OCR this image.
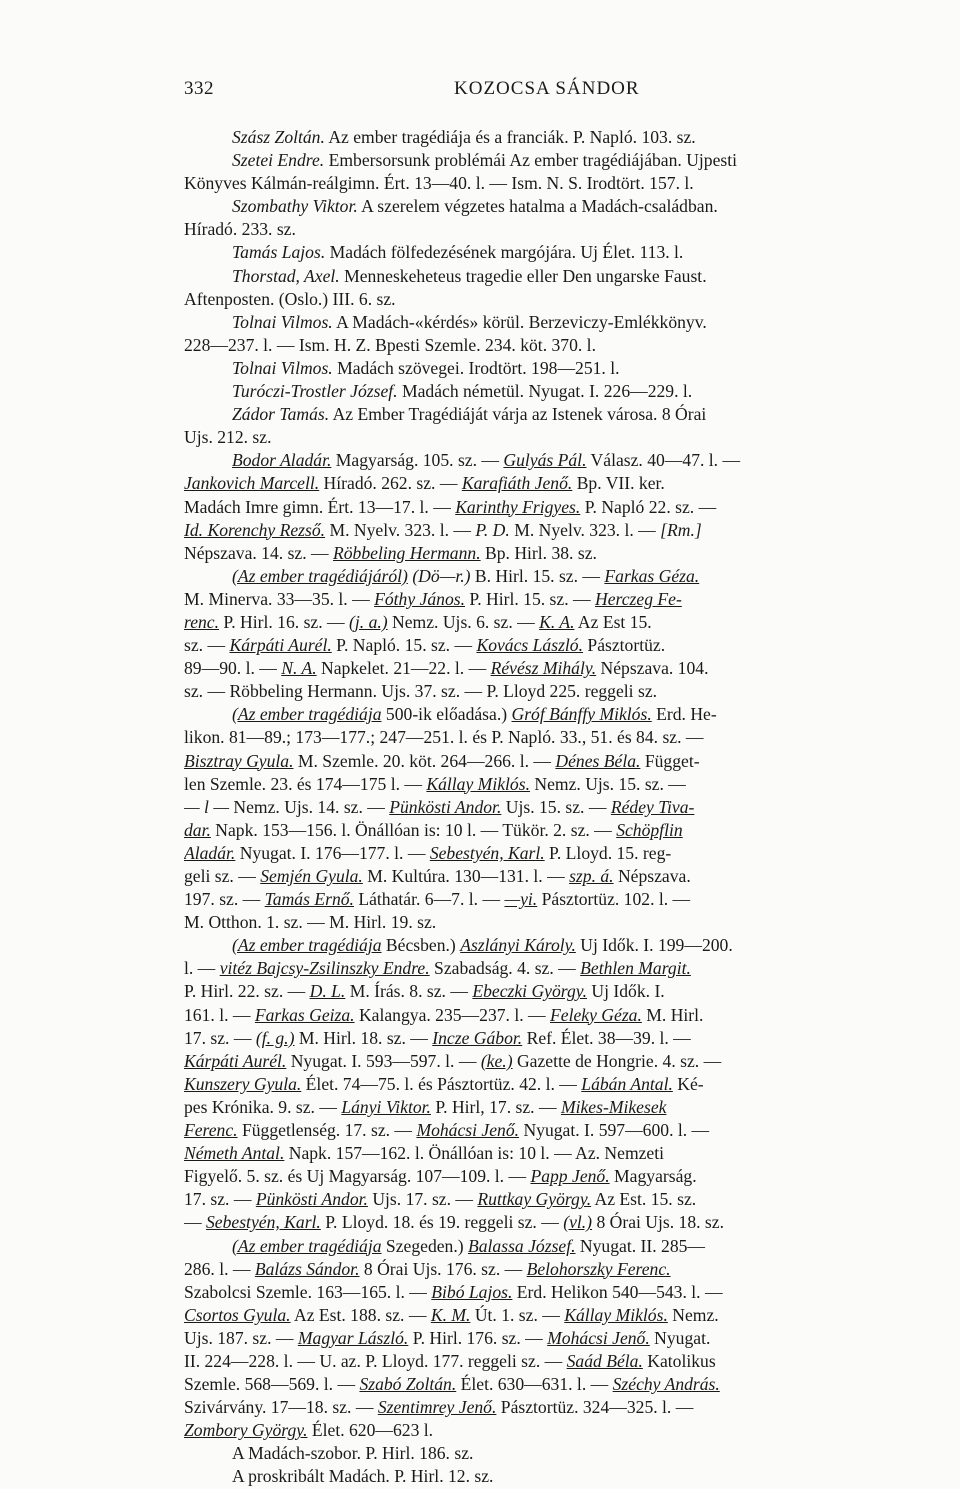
332	KOZOCSA SÁNDOR
Szász Zoltán. Az ember tragédiája és a franciák. P. Napló. 103. sz.
Szetei Endre. Embersorsunk problémái Az ember tragédiájában. Ujpesti
Könyves Kálmán-reálgimn. Ért. 13—40. l. — Ism. N. S. Irodtört. 157. l.
Szombathy Viktor. A szerelem végzetes hatalma a Madách-családban.
Híradó. 233. sz.
Tamás Lajos. Madách fölfedezésének margójára. Uj Élet. 113. l.
Thorstad, Axel. Menneskeheteus tragedie eller Den ungarske Faust.
Aftenposten. (Oslo.) III. 6. sz.
Tolnai Vilmos. A Madách-«kérdés» körül. Berzeviczy-Emlékkönyv.
228—237. l. — Ism. H. Z. Bpesti Szemle. 234. köt. 370. l.
Tolnai Vilmos. Madách szövegei. Irodtört. 198—251. l.
Turóczi-Trostler József. Madách németül. Nyugat. I. 226—229. l.
Zádor Tamás. Az Ember Tragédiáját várja az Istenek városa. 8 Órai
Ujs. 212. sz.
Bodor Aladár. Magyarság. 105. sz. — Gulyás Pál. Válasz. 40—47. l. —
Jankovich Marcell. Híradó. 262. sz. — Karafiáth Jenő. Bp. VII. ker.
Madách Imre gimn. Ért. 13—17. l. — Karinthy Frigyes. P. Napló 22. sz. —
Id. Korenchy Rezső. M. Nyelv. 323. l. — P. D. M. Nyelv. 323. l. — [Rm.]
Népszava. 14. sz. — Röbbeling Hermann. Bp. Hirl. 38. sz.
(Az ember tragédiájáról) (Dö—r.) B. Hirl. 15. sz. — Farkas Géza.
M. Minerva. 33—35. l. — Fóthy János. P. Hirl. 15. sz. — Herczeg Fe-
renc. P. Hirl. 16. sz. — (j. a.) Nemz. Ujs. 6. sz. — K. A. Az Est 15.
sz. — Kárpáti Aurél. P. Napló. 15. sz. — Kovács László. Pásztortüz.
89—90. l. — N. A. Napkelet. 21—22. l. — Révész Mihály. Népszava. 104.
sz. — Röbbeling Hermann. Ujs. 37. sz. — P. Lloyd 225. reggeli sz.
(Az ember tragédiája 500-ik előadása.) Gróf Bánffy Miklós. Erd. He-
likon. 81—89.; 173—177.; 247—251. l. és P. Napló. 33., 51. és 84. sz. —
Bisztray Gyula. M. Szemle. 20. köt. 264—266. l. — Dénes Béla. Függet-
len Szemle. 23. és 174—175 l. — Kállay Miklós. Nemz. Ujs. 15. sz. —
— l — Nemz. Ujs. 14. sz. — Pünkösti Andor. Ujs. 15. sz. — Rédey Tiva-
dar. Napk. 153—156. l. Önállóan is: 10 l. — Tükör. 2. sz. — Schöpflin
Aladár. Nyugat. I. 176—177. l. — Sebestyén, Karl. P. Lloyd. 15. reg-
geli sz. — Semjén Gyula. M. Kultúra. 130—131. l. — szp. á. Népszava.
197. sz. — Tamás Ernő. Láthatár. 6—7. l. — —yi. Pásztortüz. 102. l. —
M. Otthon. 1. sz. — M. Hirl. 19. sz.
(Az ember tragédiája Bécsben.) Aszlányi Károly. Uj Idők. I. 199—200.
l. — vitéz Bajcsy-Zsilinszky Endre. Szabadság. 4. sz. — Bethlen Margit.
P. Hirl. 22. sz. — D. L. M. Írás. 8. sz. — Ebeczki György. Uj Idők. I.
161. l. — Farkas Geiza. Kalangya. 235—237. l. — Feleky Géza. M. Hirl.
17. sz. — (f. g.) M. Hirl. 18. sz. — Incze Gábor. Ref. Élet. 38—39. l. —
Kárpáti Aurél. Nyugat. I. 593—597. l. — (ke.) Gazette de Hongrie. 4. sz. —
Kunszery Gyula. Élet. 74—75. l. és Pásztortüz. 42. l. — Lábán Antal. Ké-
pes Krónika. 9. sz. — Lányi Viktor. P. Hirl, 17. sz. — Mikes-Mikesek
Ferenc. Függetlenség. 17. sz. — Mohácsi Jenő. Nyugat. I. 597—600. l. —
Németh Antal. Napk. 157—162. l. Önállóan is: 10 l. — Az. Nemzeti
Figyelő. 5. sz. és Uj Magyarság. 107—109. l. — Papp Jenő. Magyarság.
17. sz. — Pünkösti Andor. Ujs. 17. sz. — Ruttkay György. Az Est. 15. sz.
— Sebestyén, Karl. P. Lloyd. 18. és 19. reggeli sz. — (vl.) 8 Órai Ujs. 18. sz.
(Az ember tragédiája Szegeden.) Balassa József. Nyugat. II. 285—
286. l. — Balázs Sándor. 8 Órai Ujs. 176. sz. — Belohorszky Ferenc.
Szabolcsi Szemle. 163—165. l. — Bibó Lajos. Erd. Helikon 540—543. l. —
Csortos Gyula. Az Est. 188. sz. — K. M. Út. 1. sz. — Kállay Miklós. Nemz.
Ujs. 187. sz. — Magyar László. P. Hirl. 176. sz. — Mohácsi Jenő. Nyugat.
II. 224—228. l. — U. az. P. Lloyd. 177. reggeli sz. — Saád Béla. Katolikus
Szemle. 568—569. l. — Szabó Zoltán. Élet. 630—631. l. — Széchy András.
Szivárvány. 17—18. sz. — Szentimrey Jenő. Pásztortüz. 324—325. l. —
Zombory György. Élet. 620—623 l.
A Madách-szobor. P. Hirl. 186. sz.
A proskribált Madách. P. Hirl. 12. sz.
